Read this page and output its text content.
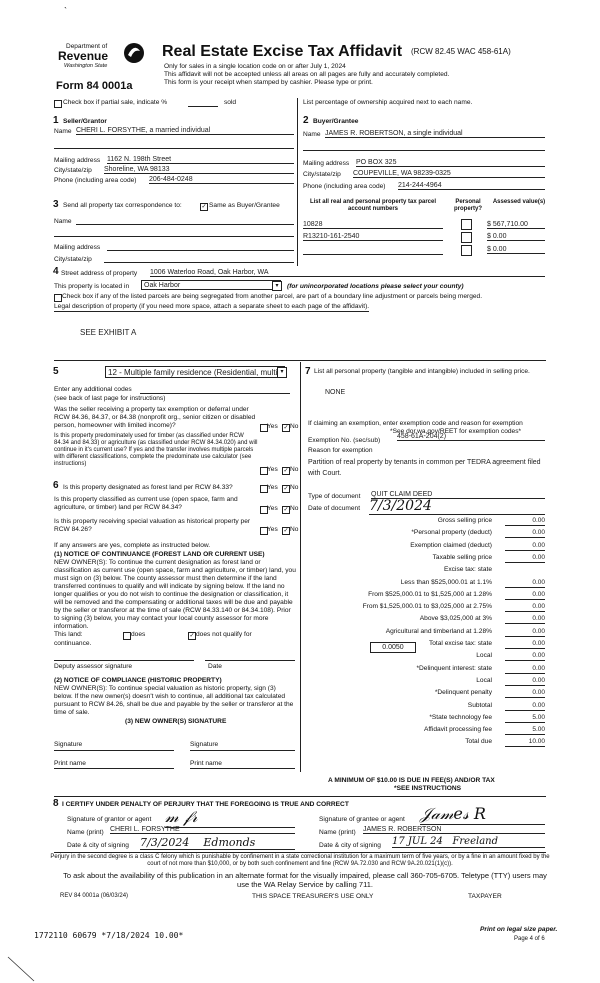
`
Department of
Revenue
Washington State
Form 84 0001a
Real Estate Excise Tax Affidavit (RCW 82.45 WAC 458-61A)
Only for sales in a single location code on or after July 1, 2024
This affidavit will not be accepted unless all areas on all pages are fully and accurately completed.
This form is your receipt when stamped by cashier. Please type or print.
Check box if partial sale, indicate %	sold	List percentage of ownership acquired next to each name.
1 Seller/Grantor
Name CHERI L. FORSYTHE, a married individual
Mailing address 1162 N. 198th Street
City/state/zip Shoreline, WA 98133
Phone (including area code) 206-484-0248
2 Buyer/Grantee
Name JAMES R. ROBERTSON, a single individual
Mailing address PO BOX 325
City/state/zip COUPEVILLE, WA 98239-0325
Phone (including area code) 214-244-4964
3 Send all property tax correspondence to:	✓ Same as Buyer/Grantee
Name
Mailing address
City/state/zip
List all real and personal property tax parcel account numbers
Personal property?
Assessed value(s)
10828	$ 567,710.00
R13210-161-2540	$ 0.00
$ 0.00
4 Street address of property 1006 Waterloo Road, Oak Harbor, WA
This property is located in	Oak Harbor	▾	(for unincorporated locations please select your county)
Check box if any of the listed parcels are being segregated from another parcel, are part of a boundary line adjustment or parcels being merged.
Legal description of property (if you need more space, attach a separate sheet to each page of the affidavit).
SEE EXHIBIT A
5	12 - Multiple family residence (Residential, multi ▾
Enter any additional codes
(see back of last page for instructions)
Was the seller receiving a property tax exemption or deferral under RCW 84.36, 84.37, or 84.38 (nonprofit org., senior citizen or disabled person, homeowner with limited income)?	Yes ✓ No
Is this property predominately used for timber (as classified under RCW 84.34 and 84.33) or agriculture (as classified under RCW 84.34.020) and will continue in it's current use? If yes and the transfer involves multiple parcels with different classifications, complete the predominate use calculator (see instructions)
Yes ✓ No
6 Is this property designated as forest land per RCW 84.33?	Yes ✓ No
Is this property classified as current use (open space, farm and agriculture, or timber) land per RCW 84.34?	Yes ✓ No
Is this property receiving special valuation as historical property per RCW 84.26?	Yes ✓ No
If any answers are yes, complete as instructed below.
(1) NOTICE OF CONTINUANCE (FOREST LAND OR CURRENT USE)
NEW OWNER(S): To continue the current designation as forest land or classification as current use (open space, farm and agriculture, or timber) land, you must sign on (3) below. The county assessor must then determine if the land transferred continues to qualify and will indicate by signing below. If the land no longer qualifies or you do not wish to continue the designation or classification, it will be removed and the compensating or additional taxes will be due and payable by the seller or transferor at the time of sale (RCW 84.33.140 or 84.34.108). Prior to signing (3) below, you may contact your local county assessor for more information.
This land:	does	✓ does not qualify for
continuance.
Deputy assessor signature	Date
(2) NOTICE OF COMPLIANCE (HISTORIC PROPERTY)
NEW OWNER(S): To continue special valuation as historic property, sign (3) below. If the new owner(s) doesn't wish to continue, all additional tax calculated pursuant to RCW 84.26, shall be due and payable by the seller or transferor at the time of sale.
(3) NEW OWNER(S) SIGNATURE
Signature	Signature
Print name	Print name
7 List all personal property (tangible and intangible) included in selling price.
NONE
If claiming an exemption, enter exemption code and reason for exemption
*See dor.wa.gov/REET for exemption codes*
Exemption No. (sec/sub)
458-61A-204(2)
Reason for exemption
Partition of real property by tenants in common per TEDRA agreement filed with Court.
Type of document QUIT CLAIM DEED
Date of document 7/3/2024
Gross selling price	0.00
*Personal property (deduct)	0.00
Exemption claimed (deduct)	0.00
Taxable selling price	0.00
Excise tax: state
Less than $525,000.01 at 1.1%	0.00
From $525,000.01 to $1,525,000 at 1.28%	0.00
From $1,525,000.01 to $3,025,000 at 2.75%	0.00
Above $3,025,000 at 3%	0.00
Agricultural and timberland at 1.28%	0.00
Total excise tax: state	0.00
Local	0.00
*Delinquent interest: state	0.00
Local	0.00
*Delinquent penalty	0.00
Subtotal	0.00
*State technology fee	5.00
Affidavit processing fee	5.00
Total due	10.00
0.0050
A MINIMUM OF $10.00 IS DUE IN FEE(S) AND/OR TAX
*SEE INSTRUCTIONS
8 I CERTIFY UNDER PENALTY OF PERJURY THAT THE FOREGOING IS TRUE AND CORRECT
Signature of grantor or agent 𝓂 𝒻𝓇
Name (print) CHERI L. FORSYTHE
Date & city of signing 7/3/2024 Edmonds
Signature of grantee or agent 𝒥𝒶𝓂𝑒𝓈 𝑅
Name (print) JAMES R. ROBERTSON
Date & city of signing 17 JUL 24 Freeland
Perjury in the second degree is a class C felony which is punishable by confinement in a state correctional institution for a maximum term of five years, or by a fine in an amount fixed by the court of not more than $10,000, or by both such confinement and fine (RCW 9A.72.030 and RCW 9A.20.021(1)(c)).
To ask about the availability of this publication in an alternate format for the visually impaired, please call 360-705-6705. Teletype (TTY) users may use the WA Relay Service by calling 711.
REV 84 0001a (06/03/24)	THIS SPACE TREASURER'S USE ONLY	TAXPAYER
1772110 60679 *7/18/2024 10.00*
Print on legal size paper.
Page 4 of 6
